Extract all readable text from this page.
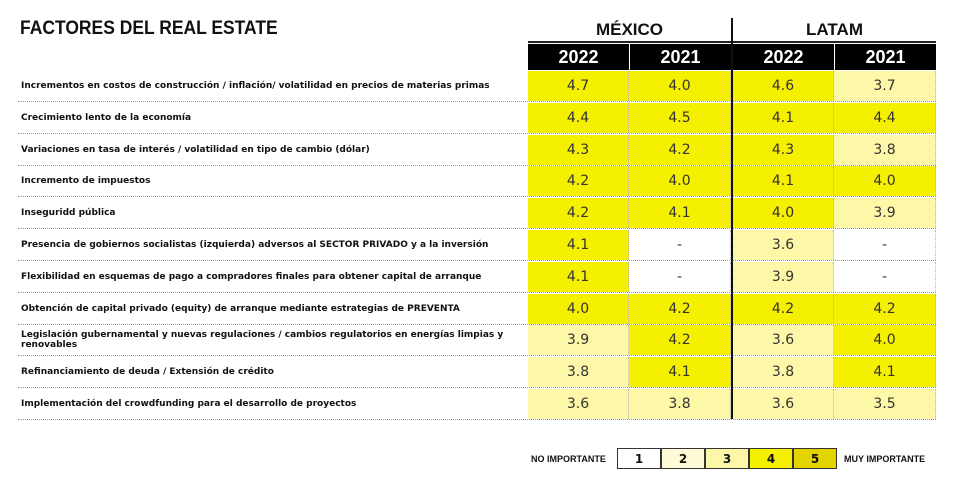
FACTORES DEL REAL ESTATE	MÉXICO	LATAM
2022	2021	2022	2021
Incrementos en costos de construcción / inflación/ volatilidad en precios de materias primas	4.7	4.0	4.6	3.7
Crecimiento lento de la economía	4.4	4.5	4.1	4.4
Variaciones en tasa de interés / volatilidad en tipo de cambio (dólar)	4.3	4.2	4.3	3.8
Incremento de impuestos	4.2	4.0	4.1	4.0
Inseguridd pública	4.2	4.1	4.0	3.9
Presencia de gobiernos socialistas (izquierda) adversos al SECTOR PRIVADO y a la inversión	4.1	-	3.6	-
Flexibilidad en esquemas de pago a compradores finales para obtener capital de arranque	4.1	-	3.9	-
Obtención de capital privado (equity) de arranque mediante estrategias de PREVENTA	4.0	4.2	4.2	4.2
Legislación gubernamental y nuevas regulaciones / cambios regulatorios en energías limpias y renovables	3.9	4.2	3.6	4.0
Refinanciamiento de deuda / Extensión de crédito	3.8	4.1	3.8	4.1
Implementación del crowdfunding para el desarrollo de proyectos	3.6	3.8	3.6	3.5
NO IMPORTANTE	1	2	3	4	5	MUY IMPORTANTE
